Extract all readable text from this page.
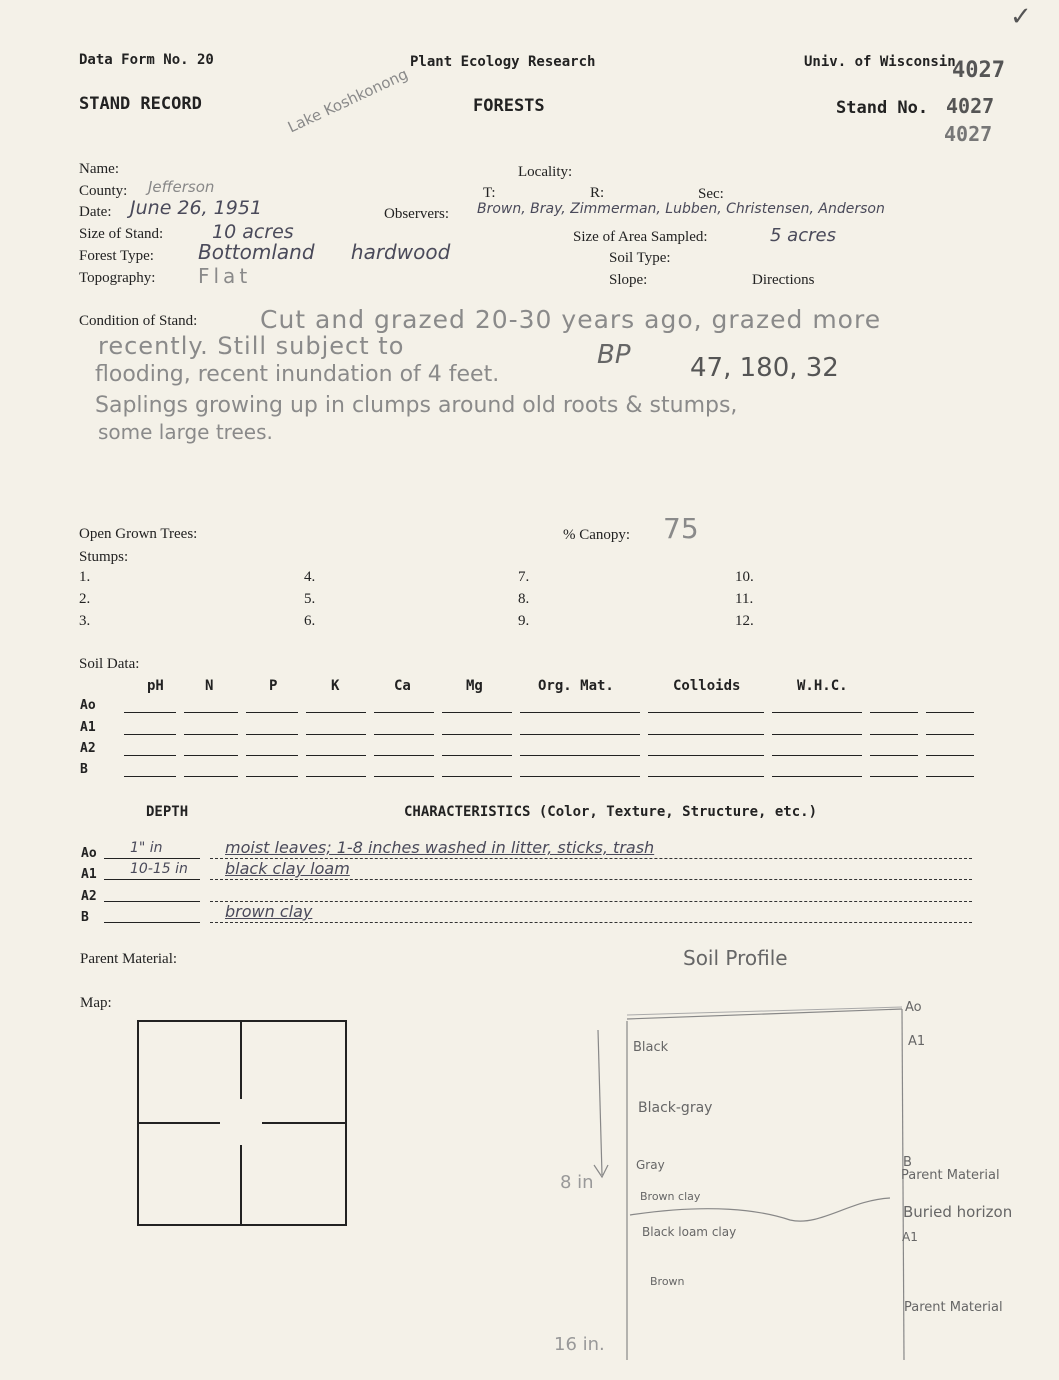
✓
Data Form No. 20	Plant Ecology Research	Univ. of Wisconsin
4027
STAND RECORD	FORESTS	Stand No. 4027
4027
Lake Koshkonong
Name:
County: Jefferson
Date: June 26, 1951
Size of Stand:	10 acres
Forest Type: Bottomland hardwood
Topography: Flat
Locality:
T:	R:	Sec:
Observers: Brown, Bray, Zimmerman, Lubben, Christensen, Anderson
Size of Area Sampled:	5 acres
Soil Type:
Slope:	Directions
Condition of Stand:	Cut and grazed 20-30 years ago, grazed more
recently. Still subject to
flooding, recent inundation of 4 feet.
Saplings growing up in clumps around old roots & stumps,
some large trees.
BP 47, 180, 32
Open Grown Trees:	% Canopy: 75
Stumps:
1.
2.
3.
4.
5.
6.
7.
8.
9.
10.
11.
12.
Soil Data:
pH	N	P	K	Ca	Mg	Org. Mat.	Colloids	W.H.C.
Ao
A1
A2
B
DEPTH	CHARACTERISTICS (Color, Texture, Structure, etc.)
Ao 1" in	moist leaves; 1-8 inches washed in litter, sticks, trash
A1 10-15 in black clay loam
A2
B	brown clay
Parent Material:
Map:
Soil Profile
Black
Black-gray
Gray
Brown clay
Black loam clay
Brown
Ao
A1
B
Parent Material
Buried horizon
A1
Parent Material
8 in
16 in.
